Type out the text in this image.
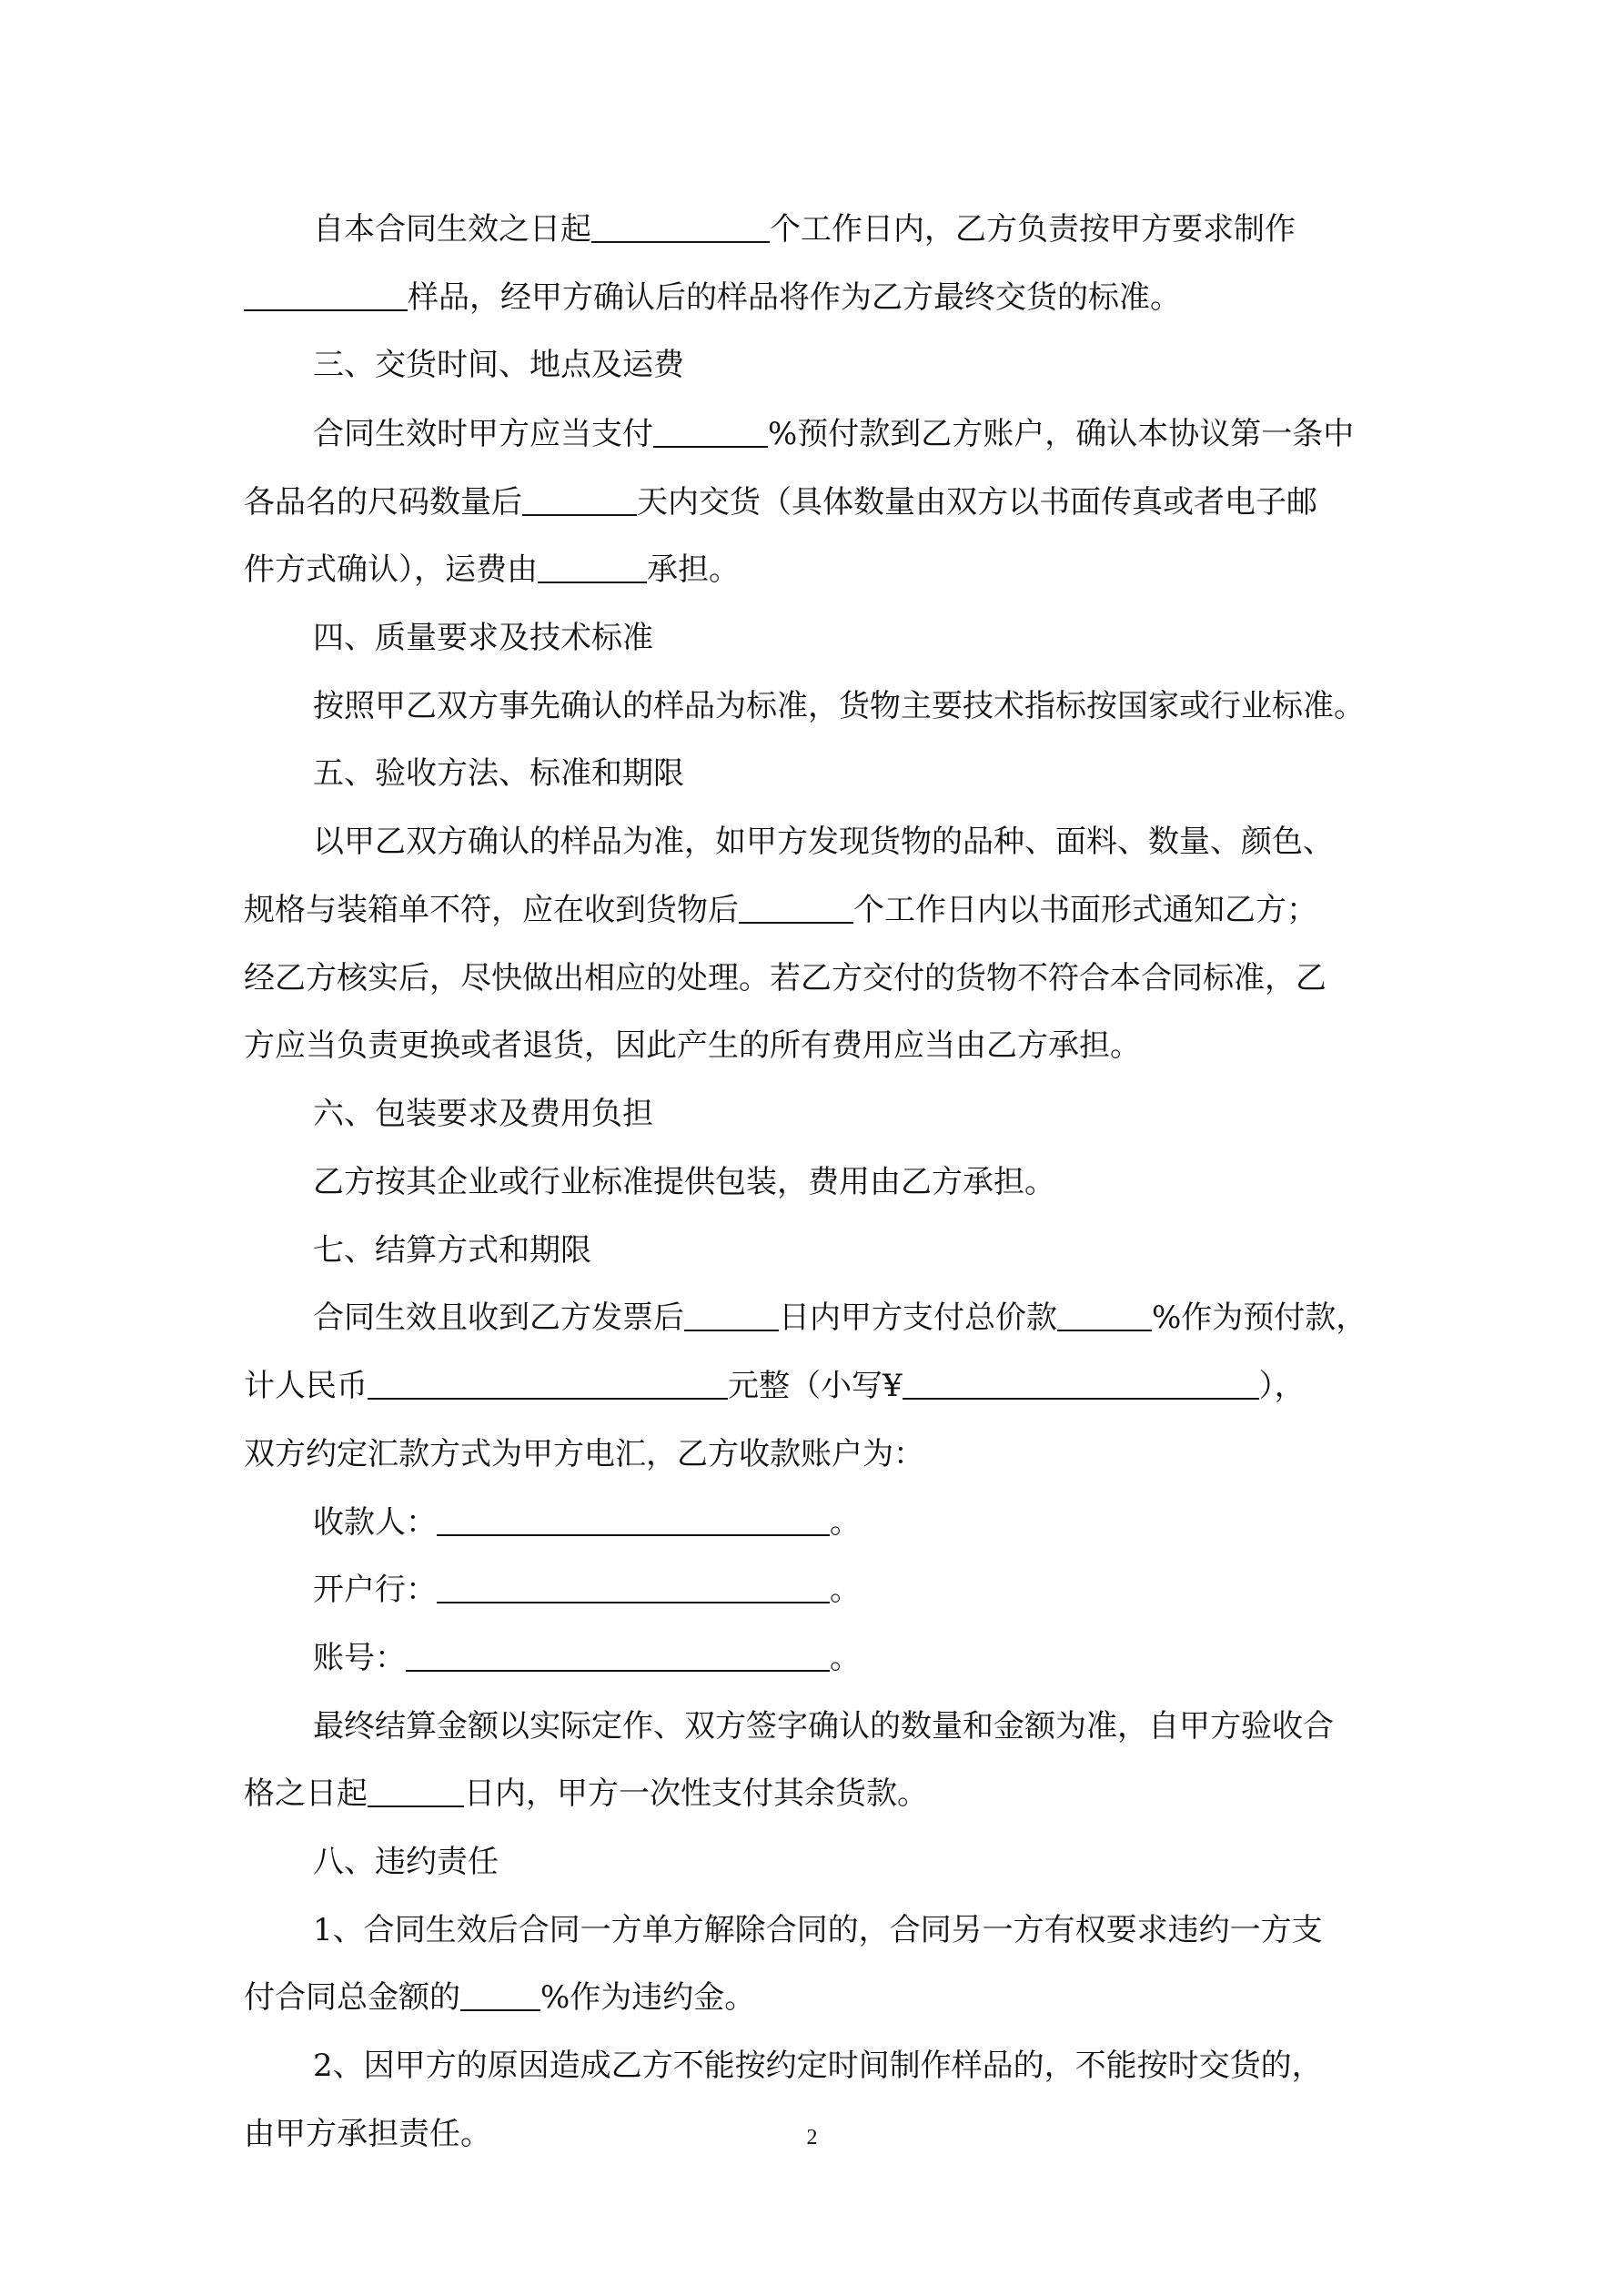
自本合同生效之日起	个工作日内，乙方负责按甲方要求制作
样品，经甲方确认后的样品将作为乙方最终交货的标准。
三、交货时间、地点及运费
合同生效时甲方应当支付	%预付款到乙方账户，确认本协议第一条中
各品名的尺码数量后	天内交货（具体数量由双方以书面传真或者电子邮
件方式确认），运费由	承担。
四、质量要求及技术标准
按照甲乙双方事先确认的样品为标准，货物主要技术指标按国家或行业标准。
五、验收方法、标准和期限
以甲乙双方确认的样品为准，如甲方发现货物的品种、面料、数量、颜色、
规格与装箱单不符，应在收到货物后	个工作日内以书面形式通知乙方；
经乙方核实后，尽快做出相应的处理。若乙方交付的货物不符合本合同标准，乙
方应当负责更换或者退货，因此产生的所有费用应当由乙方承担。
六、包装要求及费用负担
乙方按其企业或行业标准提供包装，费用由乙方承担。
七、结算方式和期限
合同生效且收到乙方发票后	日内甲方支付总价款	%作为预付款，
计人民币	元整（小写¥	），
双方约定汇款方式为甲方电汇，乙方收款账户为：
收款人：	。
开户行：	。
账号：	。
最终结算金额以实际定作、双方签字确认的数量和金额为准，自甲方验收合
格之日起	日内，甲方一次性支付其余货款。
八、违约责任
1、合同生效后合同一方单方解除合同的，合同另一方有权要求违约一方支
付合同总金额的	%作为违约金。
2、因甲方的原因造成乙方不能按约定时间制作样品的，不能按时交货的，
由甲方承担责任。	2
